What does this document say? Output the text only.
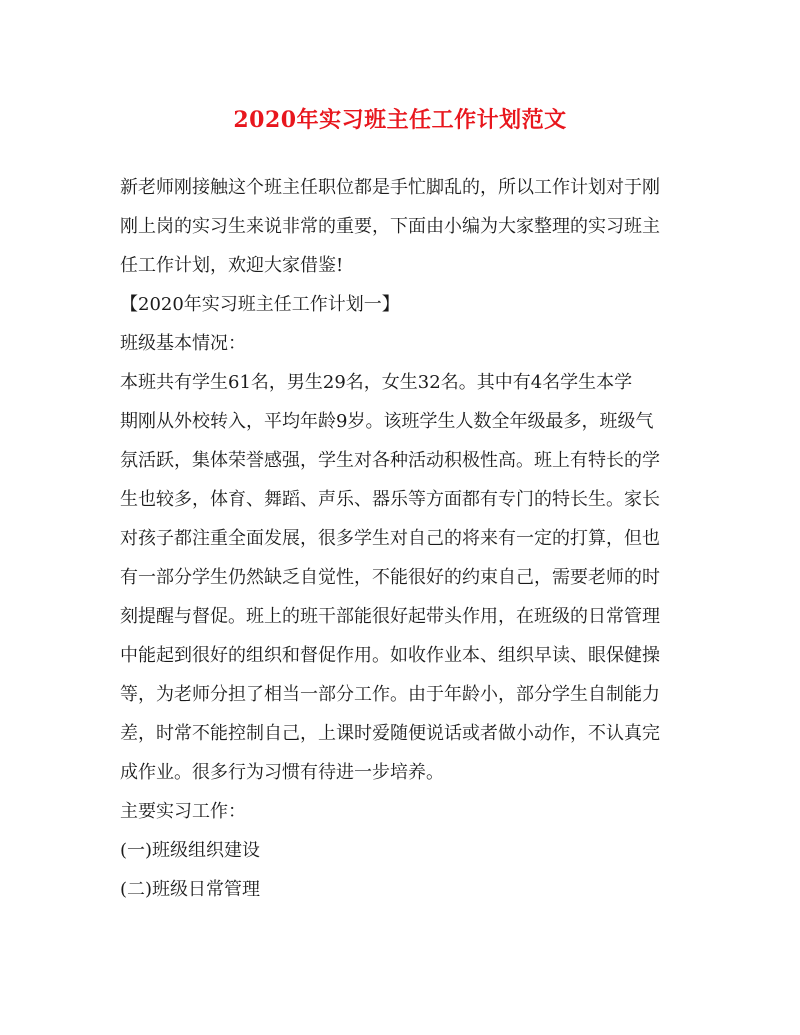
2020年实习班主任工作计划范文

新老师刚接触这个班主任职位都是手忙脚乱的，所以工作计划对于刚
刚上岗的实习生来说非常的重要，下面由小编为大家整理的实习班主
任工作计划，欢迎大家借鉴!

【2020年实习班主任工作计划一】

班级基本情况：

本班共有学生61名，男生29名，女生32名。其中有4名学生本学
期刚从外校转入，平均年龄9岁。该班学生人数全年级最多，班级气
氛活跃，集体荣誉感强，学生对各种活动积极性高。班上有特长的学
生也较多，体育、舞蹈、声乐、器乐等方面都有专门的特长生。家长
对孩子都注重全面发展，很多学生对自己的将来有一定的打算，但也
有一部分学生仍然缺乏自觉性，不能很好的约束自己，需要老师的时
刻提醒与督促。班上的班干部能很好起带头作用，在班级的日常管理
中能起到很好的组织和督促作用。如收作业本、组织早读、眼保健操
等，为老师分担了相当一部分工作。由于年龄小，部分学生自制能力
差，时常不能控制自己，上课时爱随便说话或者做小动作，不认真完
成作业。很多行为习惯有待进一步培养。

主要实习工作：

(一)班级组织建设

(二)班级日常管理
